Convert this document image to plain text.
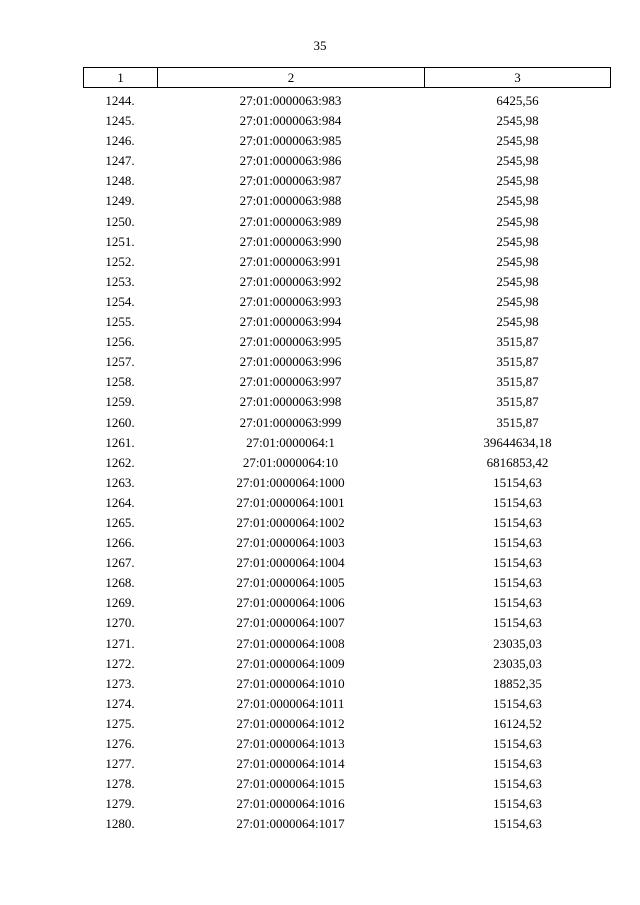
35
1	2	3
1244.	27:01:0000063:983	6425,56
1245.	27:01:0000063:984	2545,98
1246.	27:01:0000063:985	2545,98
1247.	27:01:0000063:986	2545,98
1248.	27:01:0000063:987	2545,98
1249.	27:01:0000063:988	2545,98
1250.	27:01:0000063:989	2545,98
1251.	27:01:0000063:990	2545,98
1252.	27:01:0000063:991	2545,98
1253.	27:01:0000063:992	2545,98
1254.	27:01:0000063:993	2545,98
1255.	27:01:0000063:994	2545,98
1256.	27:01:0000063:995	3515,87
1257.	27:01:0000063:996	3515,87
1258.	27:01:0000063:997	3515,87
1259.	27:01:0000063:998	3515,87
1260.	27:01:0000063:999	3515,87
1261.	27:01:0000064:1	39644634,18
1262.	27:01:0000064:10	6816853,42
1263.	27:01:0000064:1000	15154,63
1264.	27:01:0000064:1001	15154,63
1265.	27:01:0000064:1002	15154,63
1266.	27:01:0000064:1003	15154,63
1267.	27:01:0000064:1004	15154,63
1268.	27:01:0000064:1005	15154,63
1269.	27:01:0000064:1006	15154,63
1270.	27:01:0000064:1007	15154,63
1271.	27:01:0000064:1008	23035,03
1272.	27:01:0000064:1009	23035,03
1273.	27:01:0000064:1010	18852,35
1274.	27:01:0000064:1011	15154,63
1275.	27:01:0000064:1012	16124,52
1276.	27:01:0000064:1013	15154,63
1277.	27:01:0000064:1014	15154,63
1278.	27:01:0000064:1015	15154,63
1279.	27:01:0000064:1016	15154,63
1280.	27:01:0000064:1017	15154,63
